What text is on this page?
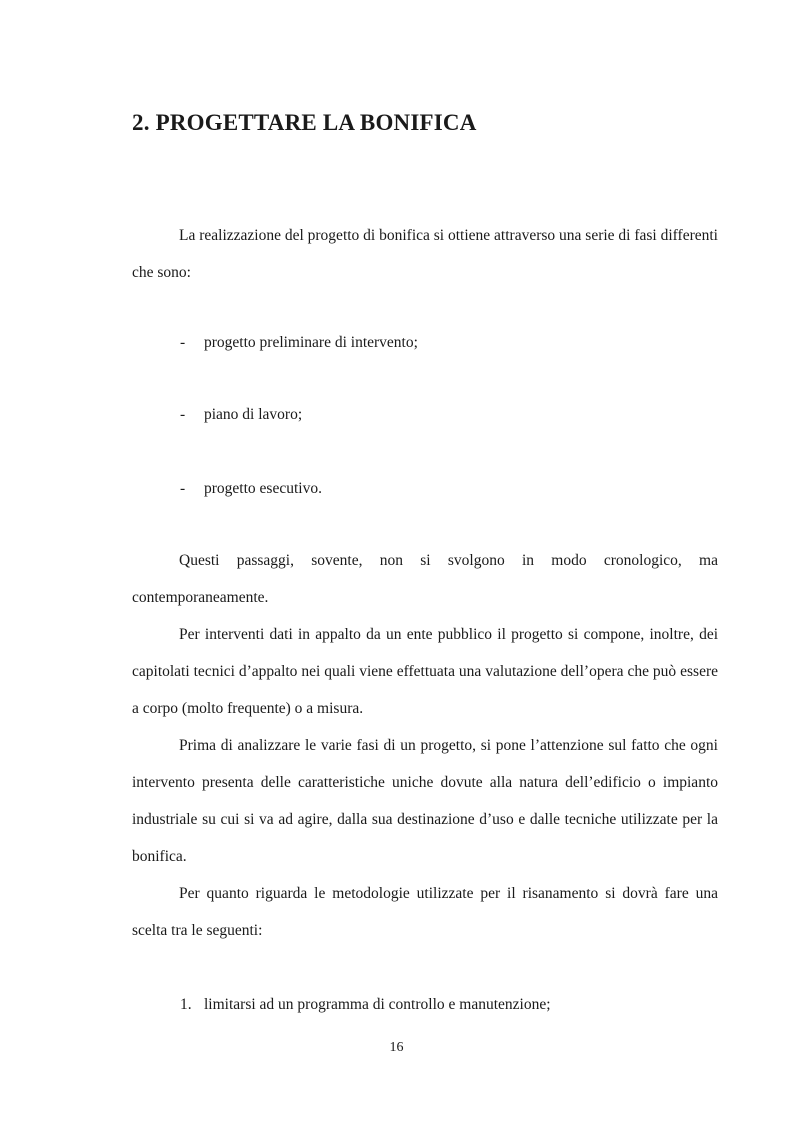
2. PROGETTARE LA BONIFICA

La realizzazione del progetto di bonifica si ottiene attraverso una serie di fasi differenti che sono:

- progetto preliminare di intervento;

- piano di lavoro;

- progetto esecutivo.

Questi passaggi, sovente, non si svolgono in modo cronologico, ma contemporaneamente.

Per interventi dati in appalto da un ente pubblico il progetto si compone, inoltre, dei capitolati tecnici d’appalto nei quali viene effettuata una valutazione dell’opera che può essere a corpo (molto frequente) o a misura.

Prima di analizzare le varie fasi di un progetto, si pone l’attenzione sul fatto che ogni intervento presenta delle caratteristiche uniche dovute alla natura dell’edificio o impianto industriale su cui si va ad agire, dalla sua destinazione d’uso e dalle tecniche utilizzate per la bonifica.

Per quanto riguarda le metodologie utilizzate per il risanamento si dovrà fare una scelta tra le seguenti:

1. limitarsi ad un programma di controllo e manutenzione;

16
